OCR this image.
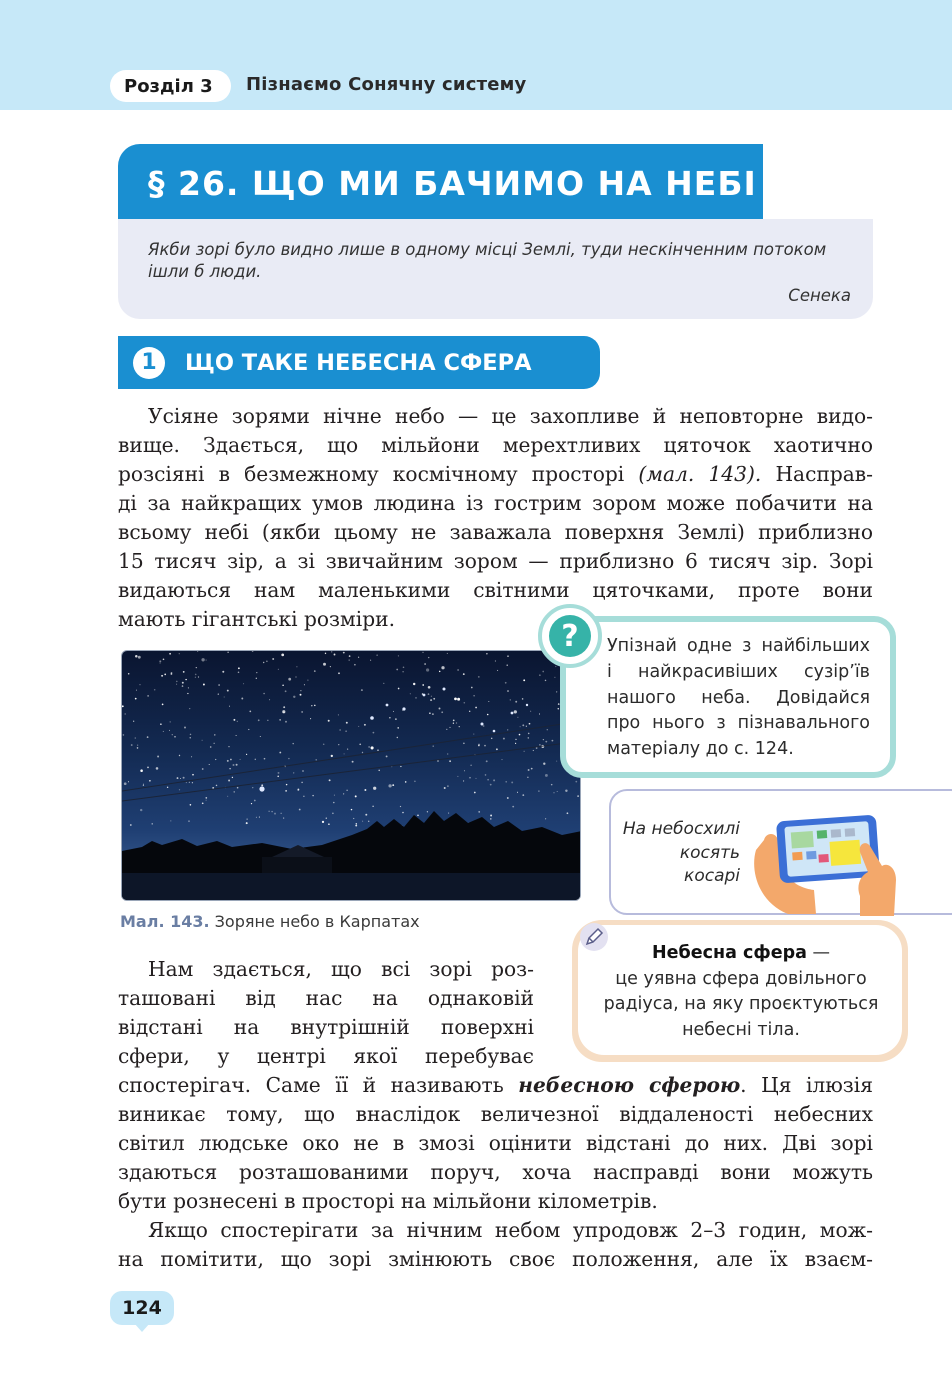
Розділ 3	Пізнаємо Сонячну систему
§ 26. ЩО МИ БАЧИМО НА НЕБІ
Якби зорі було видно лише в одному місці Землі, туди нескінченним потоком
ішли б люди.
Сенека
1	ЩО ТАКЕ НЕБЕСНА СФЕРА
Усіяне зорями нічне небо — це захопливе й неповторне видо-
вище. Здається, що мільйони мерехтливих цяточок хаотично
розсіяні в безмежному космічному просторі (мал. 143). Насправ-
ді за найкращих умов людина із гострим зором може побачити на
всьому небі (якби цьому не заважала поверхня Землі) приблизно
15 тисяч зір, а зі звичайним зором — приблизно 6 тисяч зір. Зорі
видаються нам маленькими світними цяточками, проте вони
мають гігантські розміри.
Мал. 143. Зоряне небо в Карпатах
?	Упізнай одне з найбільших
і найкрасивіших сузір’їв
нашого неба. Довідайся
про нього з пізнавального
матеріалу до с. 124.
На небосхилі
косять
косарі
Небесна сфера —
це уявна сфера довільного
радіуса, на яку проєктуються
небесні тіла.
Нам здається, що всі зорі роз-
ташовані від нас на однаковій
відстані на внутрішній поверхні
сфери, у центрі якої перебуває
спостерігач. Саме її й називають небесною сферою. Ця ілюзія
виникає тому, що внаслідок величезної віддаленості небесних
світил людське око не в змозі оцінити відстані до них. Дві зорі
здаються розташованими поруч, хоча насправді вони можуть
бути рознесені в просторі на мільйони кілометрів.
Якщо спостерігати за нічним небом упродовж 2–3 годин, мож-
на помітити, що зорі змінюють своє положення, але їх взаєм-
124
